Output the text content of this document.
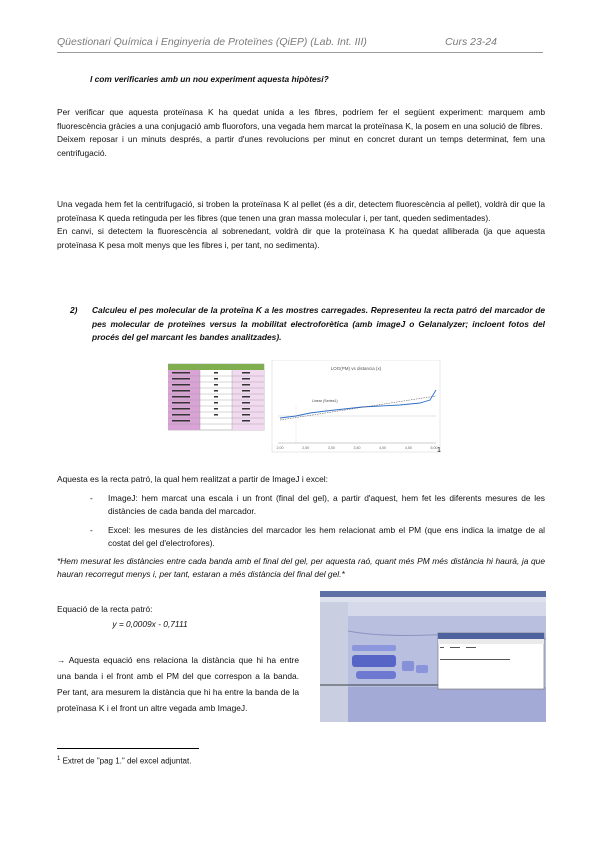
Qüestionari Química i Enginyeria de Proteïnes (QiEP) (Lab. Int. III)	Curs 23-24
I com verificaries amb un nou experiment aquesta hipòtesi?

Per verificar que aquesta proteïnasa K ha quedat unida a les fibres, podríem fer el següent experiment: marquem amb fluorescència gràcies a una conjugació amb fluorofors, una vegada hem marcat la proteïnasa K, la posem en una solució de fibres.

Deixem reposar i un minuts després, a partir d'unes revolucions per minut en concret durant un temps determinat, fem una centrifugació.

Una vegada hem fet la centrifugació, si troben la proteïnasa K al pellet (és a dir, detectem fluorescència al pellet), voldrà dir que la proteïnasa K queda retinguda per les fibres (que tenen una gran massa molecular i, per tant, queden sedimentades).

En canvi, si detectem la fluorescència al sobrenedant, voldrà dir que la proteïnasa K ha quedat alliberada (ja que aquesta proteïnasa K pesa molt menys que les fibres i, per tant, no sedimenta).

2) Calculeu el pes molecular de la proteïna K a les mostres carregades. Representeu la recta patró del marcador de pes molecular de proteïnes versus la mobilitat electroforètica (amb imageJ o Gelanalyzer; incloent fotos del procés del gel marcant les bandes analitzades).
LOG(PM) vs distancia (x)
2,00	2,50	3,00	3,50	4,00	4,50	5,00
Linear (Series1)
1
Aquesta es la recta patró, la qual hem realitzat a partir de ImageJ i excel:
- ImageJ: hem marcat una escala i un front (final del gel), a partir d'aquest, hem fet les diferents mesures de les distàncies de cada banda del marcador.
- Excel: les mesures de les distàncies del marcador les hem relacionat amb el PM (que ens indica la imatge de al costat del gel d'electrofores).
*Hem mesurat les distàncies entre cada banda amb el final del gel, per aquesta raó, quant més PM més distància hi haurà, ja que hauran recorregut menys i, per tant, estaran a més distància del final del gel.*
Equació de la recta patró:
y = 0,0009x - 0,7111
→ Aquesta equació ens relaciona la distància que hi ha entre una banda i el front amb el PM del que correspon a la banda. Per tant, ara mesurem la distància que hi ha entre la banda de la proteïnasa K i el front un altre vegada amb ImageJ.
$^1$ Extret de "pag 1." del excel adjuntat.
